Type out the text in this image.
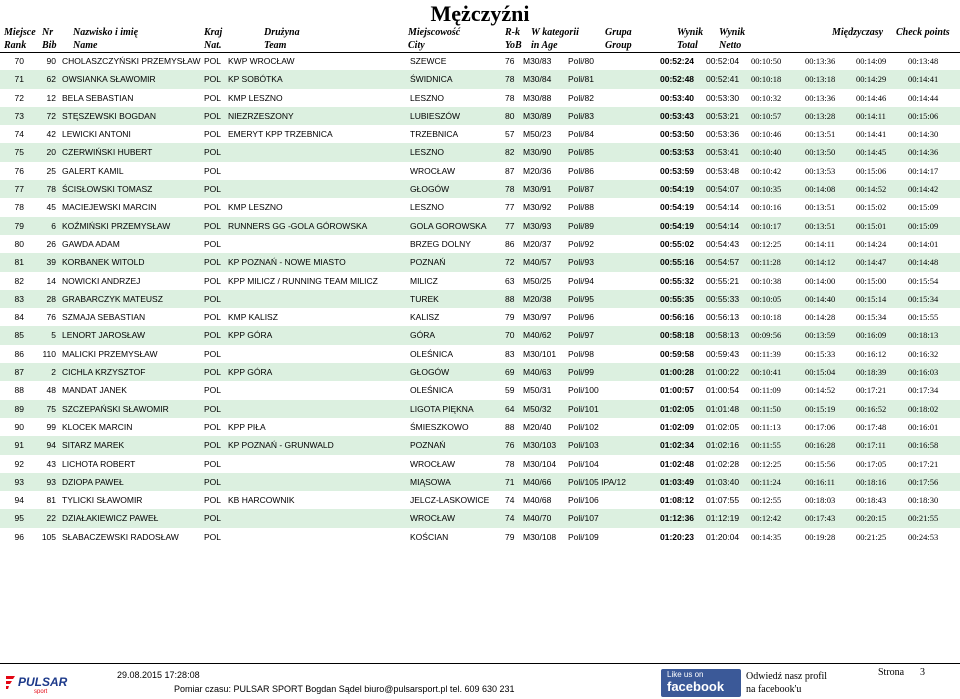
Mężczyźni
Miejsce Nr Nazwisko i imię	Kraj	Drużyna	Miejscowość	R-k W kategorii	Grupa	Wynik Wynik	Międzyczasy Check points
Rank Bib Name	Nat.	Team	City	YoB in Age	Group	Total Netto
70	90 CHOLASZCZYŃSKI PRZEMYSŁAW POL KWP WROCŁAW	SZEWCE	76	M30/83	Poli/80	00:52:24	00:52:04	00:10:50	00:13:36	00:14:09	00:13:48
71	62 OWSIANKA SŁAWOMIR	POL KP SOBÓTKA	ŚWIDNICA	78	M30/84	Poli/81	00:52:48	00:52:41	00:10:18	00:13:18	00:14:29	00:14:41
72	12 BELA SEBASTIAN	POL KMP LESZNO	LESZNO	78	M30/88	Poli/82	00:53:40	00:53:30	00:10:32	00:13:36	00:14:46	00:14:44
73	72 STĘSZEWSKI BOGDAN	POL NIEZRZESZONY	LUBIESZÓW	80	M30/89	Poli/83	00:53:43	00:53:21	00:10:57	00:13:28	00:14:11	00:15:06
74	42 LEWICKI ANTONI	POL EMERYT KPP TRZEBNICA	TRZEBNICA	57	M50/23	Poli/84	00:53:50	00:53:36	00:10:46	00:13:51	00:14:41	00:14:30
75	20 CZERWIŃSKI HUBERT	POL	LESZNO	82	M30/90	Poli/85	00:53:53	00:53:41	00:10:40	00:13:50	00:14:45	00:14:36
76	25 GALERT KAMIL	POL	WROCŁAW	87	M20/36	Poli/86	00:53:59	00:53:48	00:10:42	00:13:53	00:15:06	00:14:17
77	78 ŚCISŁOWSKI TOMASZ	POL	GŁOGÓW	78	M30/91	Poli/87	00:54:19	00:54:07	00:10:35	00:14:08	00:14:52	00:14:42
78	45 MACIEJEWSKI MARCIN	POL KMP LESZNO	LESZNO	77	M30/92	Poli/88	00:54:19	00:54:14	00:10:16	00:13:51	00:15:02	00:15:09
79	6 KOŹMIŃSKI PRZEMYSŁAW	POL RUNNERS GG -GOLA GÓROWSKA	GOLA GOROWSKA	77	M30/93	Poli/89	00:54:19	00:54:14	00:10:17	00:13:51	00:15:01	00:15:09
80	26 GAWDA ADAM	POL	BRZEG DOLNY	86	M20/37	Poli/92	00:55:02	00:54:43	00:12:25	00:14:11	00:14:24	00:14:01
81	39 KORBANEK WITOLD	POL KP POZNAŃ - NOWE MIASTO	POZNAŃ	72	M40/57	Poli/93	00:55:16	00:54:57	00:11:28	00:14:12	00:14:47	00:14:48
82	14 NOWICKI ANDRZEJ	POL KPP MILICZ / RUNNING TEAM MILICZ	MILICZ	63	M50/25	Poli/94	00:55:32	00:55:21	00:10:38	00:14:00	00:15:00	00:15:54
83	28 GRABARCZYK MATEUSZ	POL	TUREK	88	M20/38	Poli/95	00:55:35	00:55:33	00:10:05	00:14:40	00:15:14	00:15:34
84	76 SZMAJA SEBASTIAN	POL KMP KALISZ	KALISZ	79	M30/97	Poli/96	00:56:16	00:56:13	00:10:18	00:14:28	00:15:34	00:15:55
85	5 LENORT JAROSŁAW	POL KPP GÓRA	GÓRA	70	M40/62	Poli/97	00:58:18	00:58:13	00:09:56	00:13:59	00:16:09	00:18:13
86	110 MALICKI PRZEMYSŁAW	POL	OLEŚNICA	83	M30/101	Poli/98	00:59:58	00:59:43	00:11:39	00:15:33	00:16:12	00:16:32
87	2 CICHLA KRZYSZTOF	POL KPP GÓRA	GŁOGÓW	69	M40/63	Poli/99	01:00:28	01:00:22	00:10:41	00:15:04	00:18:39	00:16:03
88	48 MANDAT JANEK	POL	OLEŚNICA	59	M50/31	Poli/100	01:00:57	01:00:54	00:11:09	00:14:52	00:17:21	00:17:34
89	75 SZCZEPAŃSKI SŁAWOMIR	POL	LIGOTA PIĘKNA	64	M50/32	Poli/101	01:02:05	01:01:48	00:11:50	00:15:19	00:16:52	00:18:02
90	99 KLOCEK MARCIN	POL KPP PIŁA	ŚMIESZKOWO	88	M20/40	Poli/102	01:02:09	01:02:05	00:11:13	00:17:06	00:17:48	00:16:01
91	94 SITARZ MAREK	POL KP POZNAŃ - GRUNWALD	POZNAŃ	76	M30/103	Poli/103	01:02:34	01:02:16	00:11:55	00:16:28	00:17:11	00:16:58
92	43 LICHOTA ROBERT	POL	WROCŁAW	78	M30/104	Poli/104	01:02:48	01:02:28	00:12:25	00:15:56	00:17:05	00:17:21
93	93 DZIOPA PAWEŁ	POL	MIĄSOWA	71	M40/66	Poli/105 IPA/12	01:03:49	01:03:40	00:11:24	00:16:11	00:18:16	00:17:56
94	81 TYLICKI SŁAWOMIR	POL KB HARCOWNIK	JELCZ-LASKOWICE	74	M40/68	Poli/106	01:08:12	01:07:55	00:12:55	00:18:03	00:18:43	00:18:30
95	22 DZIAŁAKIEWICZ PAWEŁ	POL	WROCŁAW	74	M40/70	Poli/107	01:12:36	01:12:19	00:12:42	00:17:43	00:20:15	00:21:55
96	105 SŁABACZEWSKI RADOSŁAW	POL	KOŚCIAN	79	M30/108	Poli/109	01:20:23	01:20:04	00:14:35	00:19:28	00:21:25	00:24:53
PULSAR
sport
29.08.2015 17:28:08
Pomiar czasu: PULSAR SPORT Bogdan Sądel biuro@pulsarsport.pl tel. 609 630 231
Like us on
facebook
Odwiedź nasz profil
na facebook'u
Strona 3
